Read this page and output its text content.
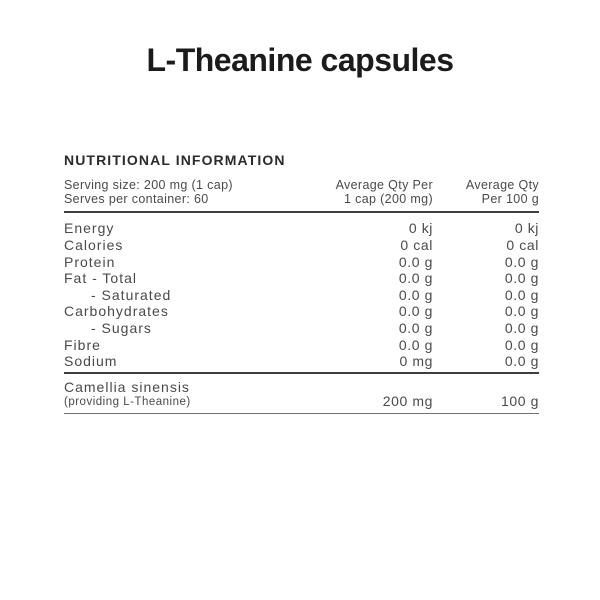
L-Theanine capsules
NUTRITIONAL INFORMATION
Serving size: 200 mg (1 cap)
Serves per container: 60
Average Qty Per
1 cap (200 mg)
Average Qty
Per 100 g
Energy	0 kj	0 kj
Calories	0 cal	0 cal
Protein	0.0 g	0.0 g
Fat - Total	0.0 g	0.0 g
- Saturated	0.0 g	0.0 g
Carbohydrates	0.0 g	0.0 g
- Sugars	0.0 g	0.0 g
Fibre	0.0 g	0.0 g
Sodium	0 mg	0.0 g
Camellia sinensis
(providing L-Theanine)	200 mg	100 g
